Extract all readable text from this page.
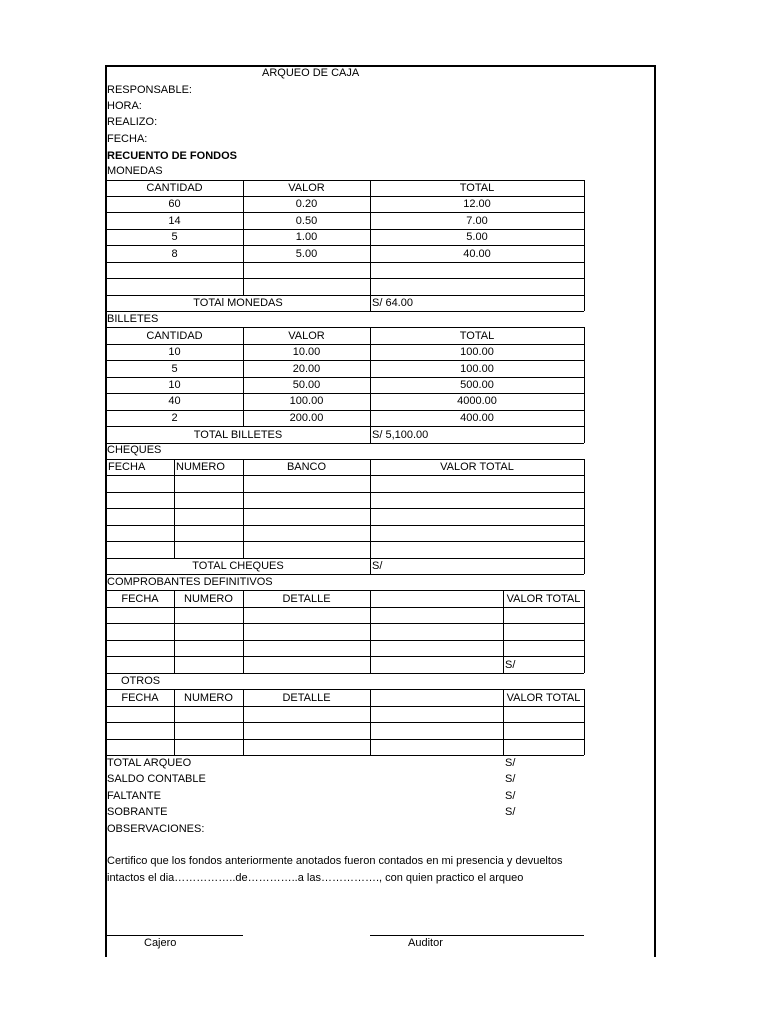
ARQUEO DE CAJA
RESPONSABLE:
HORA:
REALIZO:
FECHA:
RECUENTO DE FONDOS
MONEDAS
CANTIDAD	VALOR	TOTAL
60	0.20	12.00
14	0.50	7.00
5	1.00	5.00
8	5.00	40.00
TOTAl MONEDAS	S/ 64.00
BILLETES
CANTIDAD	VALOR	TOTAL
10	10.00	100.00
5	20.00	100.00
10	50.00	500.00
40	100.00	4000.00
2	200.00	400.00
TOTAL BILLETES	S/ 5,100.00
CHEQUES
FECHA	NUMERO	BANCO	VALOR TOTAL
TOTAL CHEQUES	S/
COMPROBANTES DEFINITIVOS
FECHA	NUMERO	DETALLE	VALOR TOTAL
S/
OTROS
FECHA	NUMERO	DETALLE	VALOR TOTAL
TOTAL ARQUEO	S/
SALDO CONTABLE	S/
FALTANTE	S/
SOBRANTE	S/
OBSERVACIONES:
Certifico que los fondos anteriormente anotados fueron contados en mi presencia y devueltos
intactos el dia……………..de…………..a las……………., con quien practico el arqueo
Cajero	Auditor
